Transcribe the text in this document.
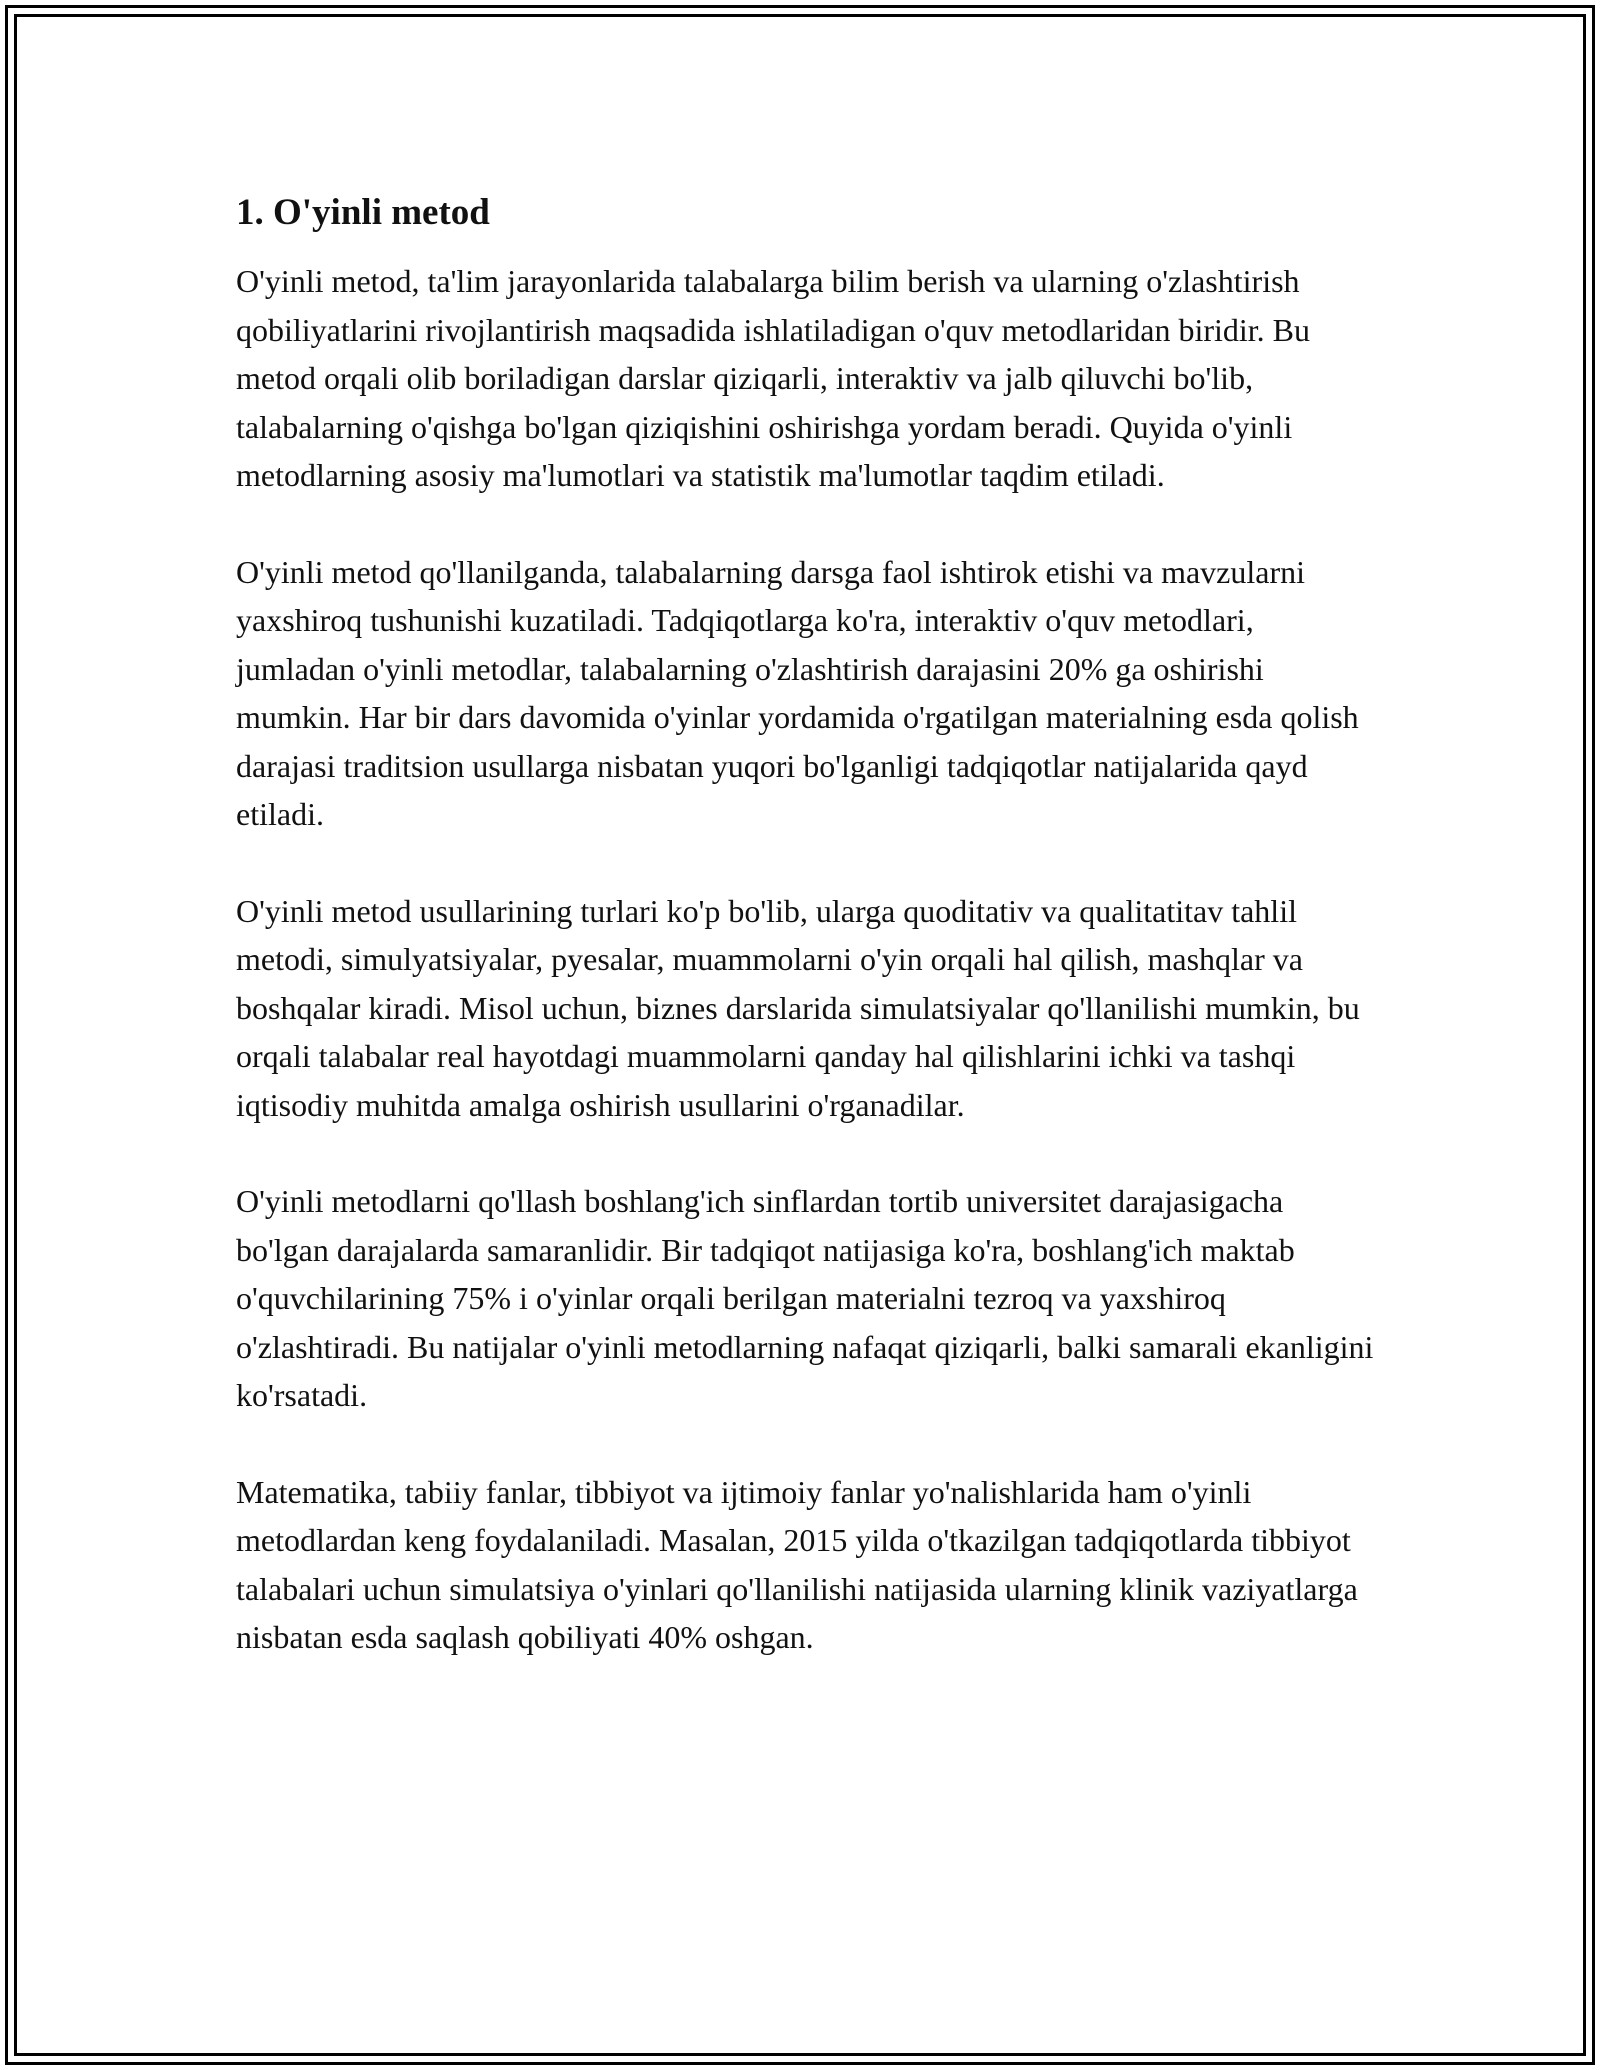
1. O'yinli metod

O'yinli metod, ta'lim jarayonlarida talabalarga bilim berish va ularning o'zlashtirish qobiliyatlarini rivojlantirish maqsadida ishlatiladigan o'quv metodlaridan biridir. Bu metod orqali olib boriladigan darslar qiziqarli, interaktiv va jalb qiluvchi bo'lib, talabalarning o'qishga bo'lgan qiziqishini oshirishga yordam beradi. Quyida o'yinli metodlarning asosiy ma'lumotlari va statistik ma'lumotlar taqdim etiladi.

O'yinli metod qo'llanilganda, talabalarning darsga faol ishtirok etishi va mavzularni yaxshiroq tushunishi kuzatiladi. Tadqiqotlarga ko'ra, interaktiv o'quv metodlari, jumladan o'yinli metodlar, talabalarning o'zlashtirish darajasini 20% ga oshirishi mumkin. Har bir dars davomida o'yinlar yordamida o'rgatilgan materialning esda qolish darajasi traditsion usullarga nisbatan yuqori bo'lganligi tadqiqotlar natijalarida qayd etiladi.

O'yinli metod usullarining turlari ko'p bo'lib, ularga quoditativ va qualitatitav tahlil metodi, simulyatsiyalar, pyesalar, muammolarni o'yin orqali hal qilish, mashqlar va boshqalar kiradi. Misol uchun, biznes darslarida simulatsiyalar qo'llanilishi mumkin, bu orqali talabalar real hayotdagi muammolarni qanday hal qilishlarini ichki va tashqi iqtisodiy muhitda amalga oshirish usullarini o'rganadilar.

O'yinli metodlarni qo'llash boshlang'ich sinflardan tortib universitet darajasigacha bo'lgan darajalarda samaranlidir. Bir tadqiqot natijasiga ko'ra, boshlang'ich maktab o'quvchilarining 75% i o'yinlar orqali berilgan materialni tezroq va yaxshiroq o'zlashtiradi. Bu natijalar o'yinli metodlarning nafaqat qiziqarli, balki samarali ekanligini ko'rsatadi.

Matematika, tabiiy fanlar, tibbiyot va ijtimoiy fanlar yo'nalishlarida ham o'yinli metodlardan keng foydalaniladi. Masalan, 2015 yilda o'tkazilgan tadqiqotlarda tibbiyot talabalari uchun simulatsiya o'yinlari qo'llanilishi natijasida ularning klinik vaziyatlarga nisbatan esda saqlash qobiliyati 40% oshgan.
